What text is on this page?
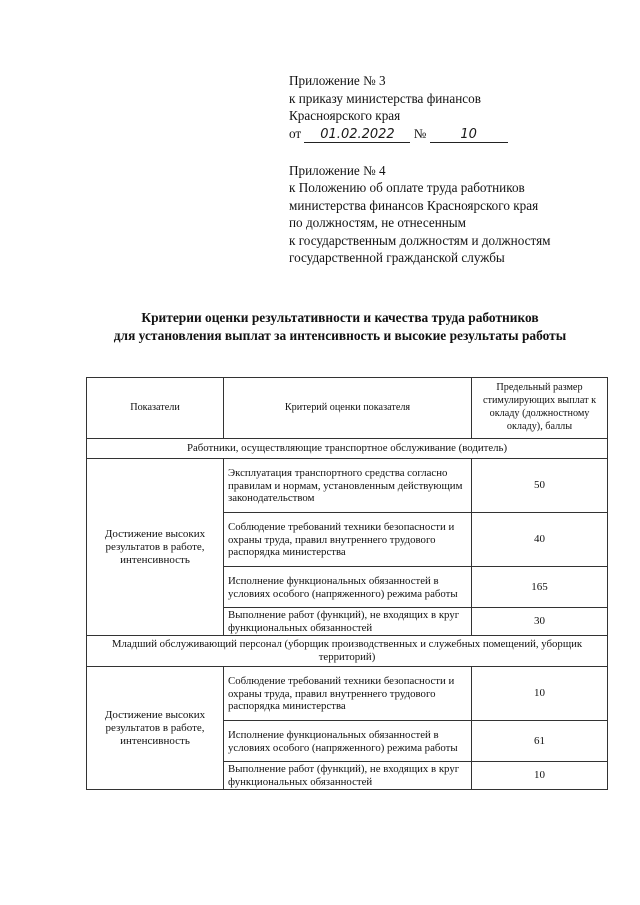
Приложение № 3
к приказу министерства финансов
Красноярского края
от 01.02.2022 №	10
Приложение № 4
к Положению об оплате труда работников
министерства финансов Красноярского края
по должностям, не отнесенным
к государственным должностям и должностям
государственной гражданской службы
Критерии оценки результативности и качества труда работников
для установления выплат за интенсивность и высокие результаты работы
Показатели	Критерий оценки показателя	Предельный размер стимулирующих выплат к окладу (должностному окладу), баллы
Работники, осуществляющие транспортное обслуживание (водитель)		
Достижение высоких результатов в работе, интенсивность	Эксплуатация транспортного средства согласно правилам и нормам, установленным действующим законодательством	50
	Соблюдение требований техники безопасности и охраны труда, правил внутреннего трудового распорядка министерства	40
	Исполнение функциональных обязанностей в условиях особого (напряженного) режима работы	165
	Выполнение работ (функций), не входящих в круг функциональных обязанностей	30
Младший обслуживающий персонал (уборщик производственных и служебных помещений, уборщик территорий)		
Достижение высоких результатов в работе, интенсивность	Соблюдение требований техники безопасности и охраны труда, правил внутреннего трудового распорядка министерства	10
	Исполнение функциональных обязанностей в условиях особого (напряженного) режима работы	61
	Выполнение работ (функций), не входящих в круг функциональных обязанностей	10
